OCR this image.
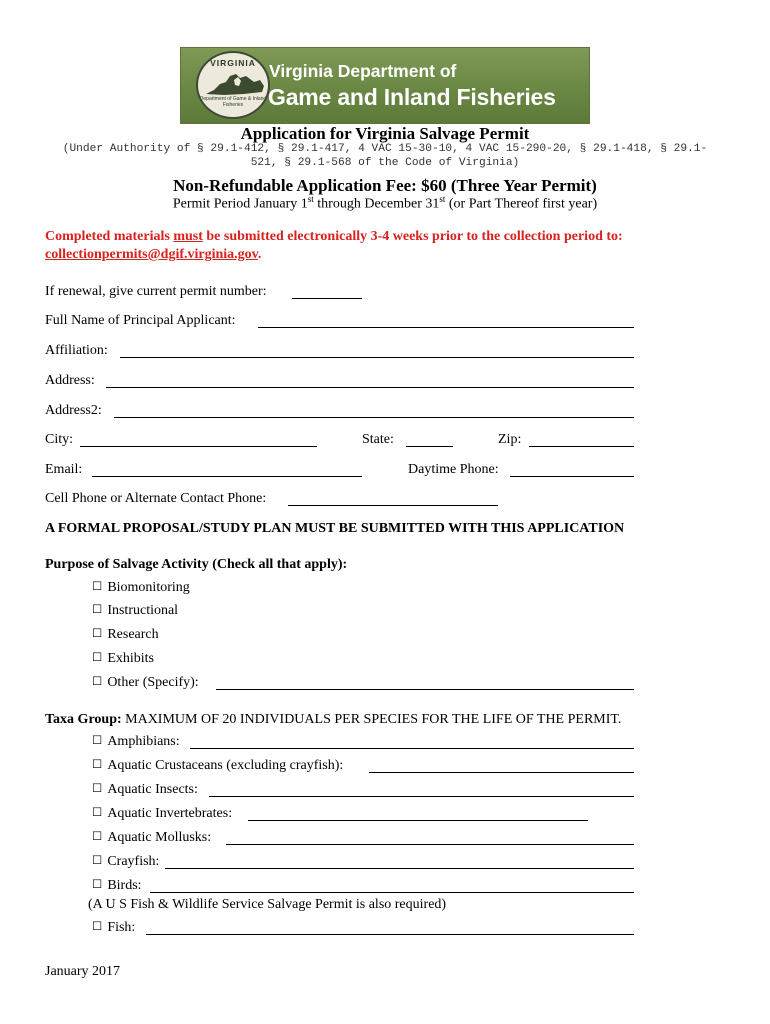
VIRGINIA
Department of Game & Inland Fisheries
Virginia Department of
Game and Inland Fisheries
Application for Virginia Salvage Permit
(Under Authority of § 29.1-412, § 29.1-417, 4 VAC 15-30-10, 4 VAC 15-290-20, § 29.1-418, § 29.1-
521, § 29.1-568 of the Code of Virginia)
Non-Refundable Application Fee: $60 (Three Year Permit)
Permit Period January 1st through December 31st (or Part Thereof first year)
Completed materials must be submitted electronically 3-4 weeks prior to the collection period to:
collectionpermits@dgif.virginia.gov.
If renewal, give current permit number:
Full Name of Principal Applicant:
Affiliation:
Address:
Address2:
City:	State:	Zip:
Email:	Daytime Phone:
Cell Phone or Alternate Contact Phone:
A FORMAL PROPOSAL/STUDY PLAN MUST BE SUBMITTED WITH THIS APPLICATION
Purpose of Salvage Activity (Check all that apply):
☐ Biomonitoring
☐ Instructional
☐ Research
☐ Exhibits
☐ Other (Specify):
Taxa Group: MAXIMUM OF 20 INDIVIDUALS PER SPECIES FOR THE LIFE OF THE PERMIT.
☐ Amphibians:
☐ Aquatic Crustaceans (excluding crayfish):
☐ Aquatic Insects:
☐ Aquatic Invertebrates:
☐ Aquatic Mollusks:
☐ Crayfish:
☐ Birds:
(A U S Fish & Wildlife Service Salvage Permit is also required)
☐ Fish:
January 2017
